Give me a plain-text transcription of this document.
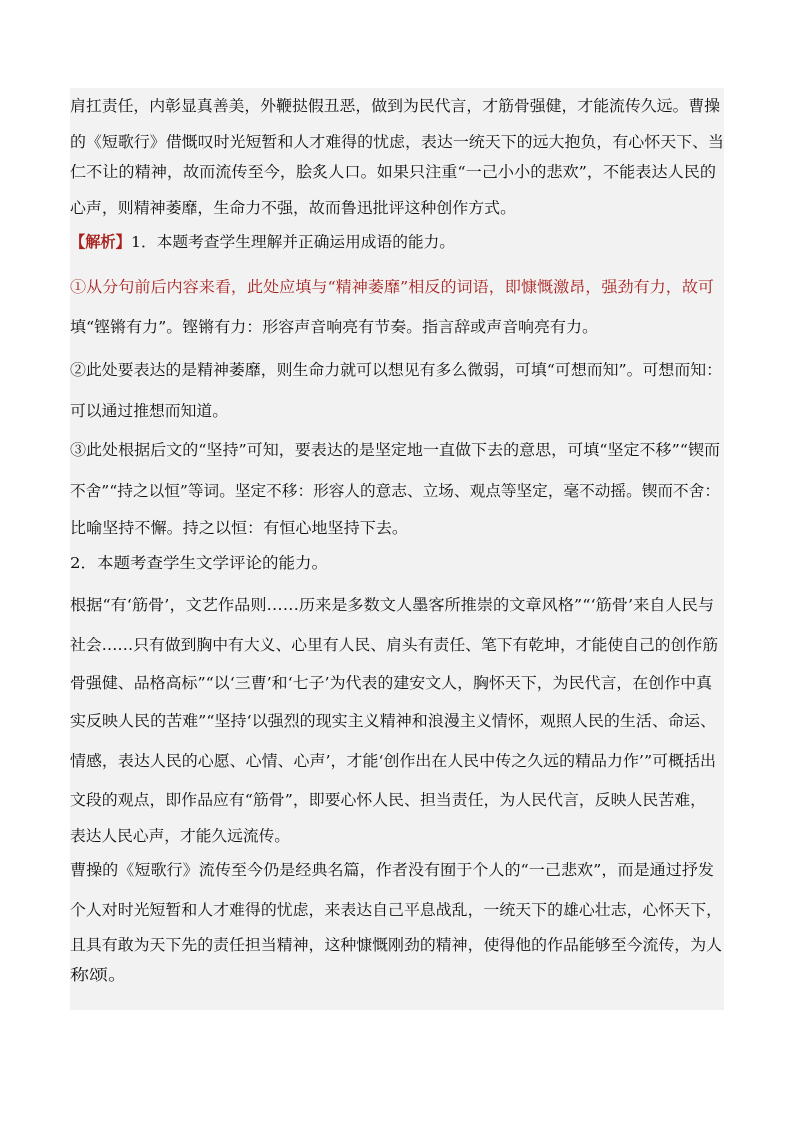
肩扛责任，内彰显真善美，外鞭挞假丑恶，做到为民代言，才筋骨强健，才能流传久远。曹操
的《短歌行》借慨叹时光短暂和人才难得的忧虑，表达一统天下的远大抱负，有心怀天下、当
仁不让的精神，故而流传至今，脍炙人口。如果只注重“一己小小的悲欢”，不能表达人民的
心声，则精神萎靡，生命力不强，故而鲁迅批评这种创作方式。
【解析】1．本题考查学生理解并正确运用成语的能力。
①从分句前后内容来看，此处应填与“精神萎靡”相反的词语，即慷慨激昂，强劲有力，故可
填“铿锵有力”。铿锵有力：形容声音响亮有节奏。指言辞或声音响亮有力。
②此处要表达的是精神萎靡，则生命力就可以想见有多么微弱，可填“可想而知”。可想而知：
可以通过推想而知道。
③此处根据后文的“坚持”可知，要表达的是坚定地一直做下去的意思，可填“坚定不移”“锲而
不舍”“持之以恒”等词。坚定不移：形容人的意志、立场、观点等坚定，毫不动摇。锲而不舍：
比喻坚持不懈。持之以恒：有恒心地坚持下去。
2．本题考查学生文学评论的能力。
根据“有‘筋骨’，文艺作品则……历来是多数文人墨客所推崇的文章风格”“‘筋骨’来自人民与
社会……只有做到胸中有大义、心里有人民、肩头有责任、笔下有乾坤，才能使自己的创作筋
骨强健、品格高标”“以‘三曹’和‘七子’为代表的建安文人，胸怀天下，为民代言，在创作中真
实反映人民的苦难”“坚持‘以强烈的现实主义精神和浪漫主义情怀，观照人民的生活、命运、
情感，表达人民的心愿、心情、心声’，才能‘创作出在人民中传之久远的精品力作’”可概括出
文段的观点，即作品应有“筋骨”，即要心怀人民、担当责任，为人民代言，反映人民苦难，
表达人民心声，才能久远流传。
曹操的《短歌行》流传至今仍是经典名篇，作者没有囿于个人的“一己悲欢”，而是通过抒发
个人对时光短暂和人才难得的忧虑，来表达自己平息战乱，一统天下的雄心壮志，心怀天下，
且具有敢为天下先的责任担当精神，这种慷慨刚劲的精神，使得他的作品能够至今流传，为人
称颂。
